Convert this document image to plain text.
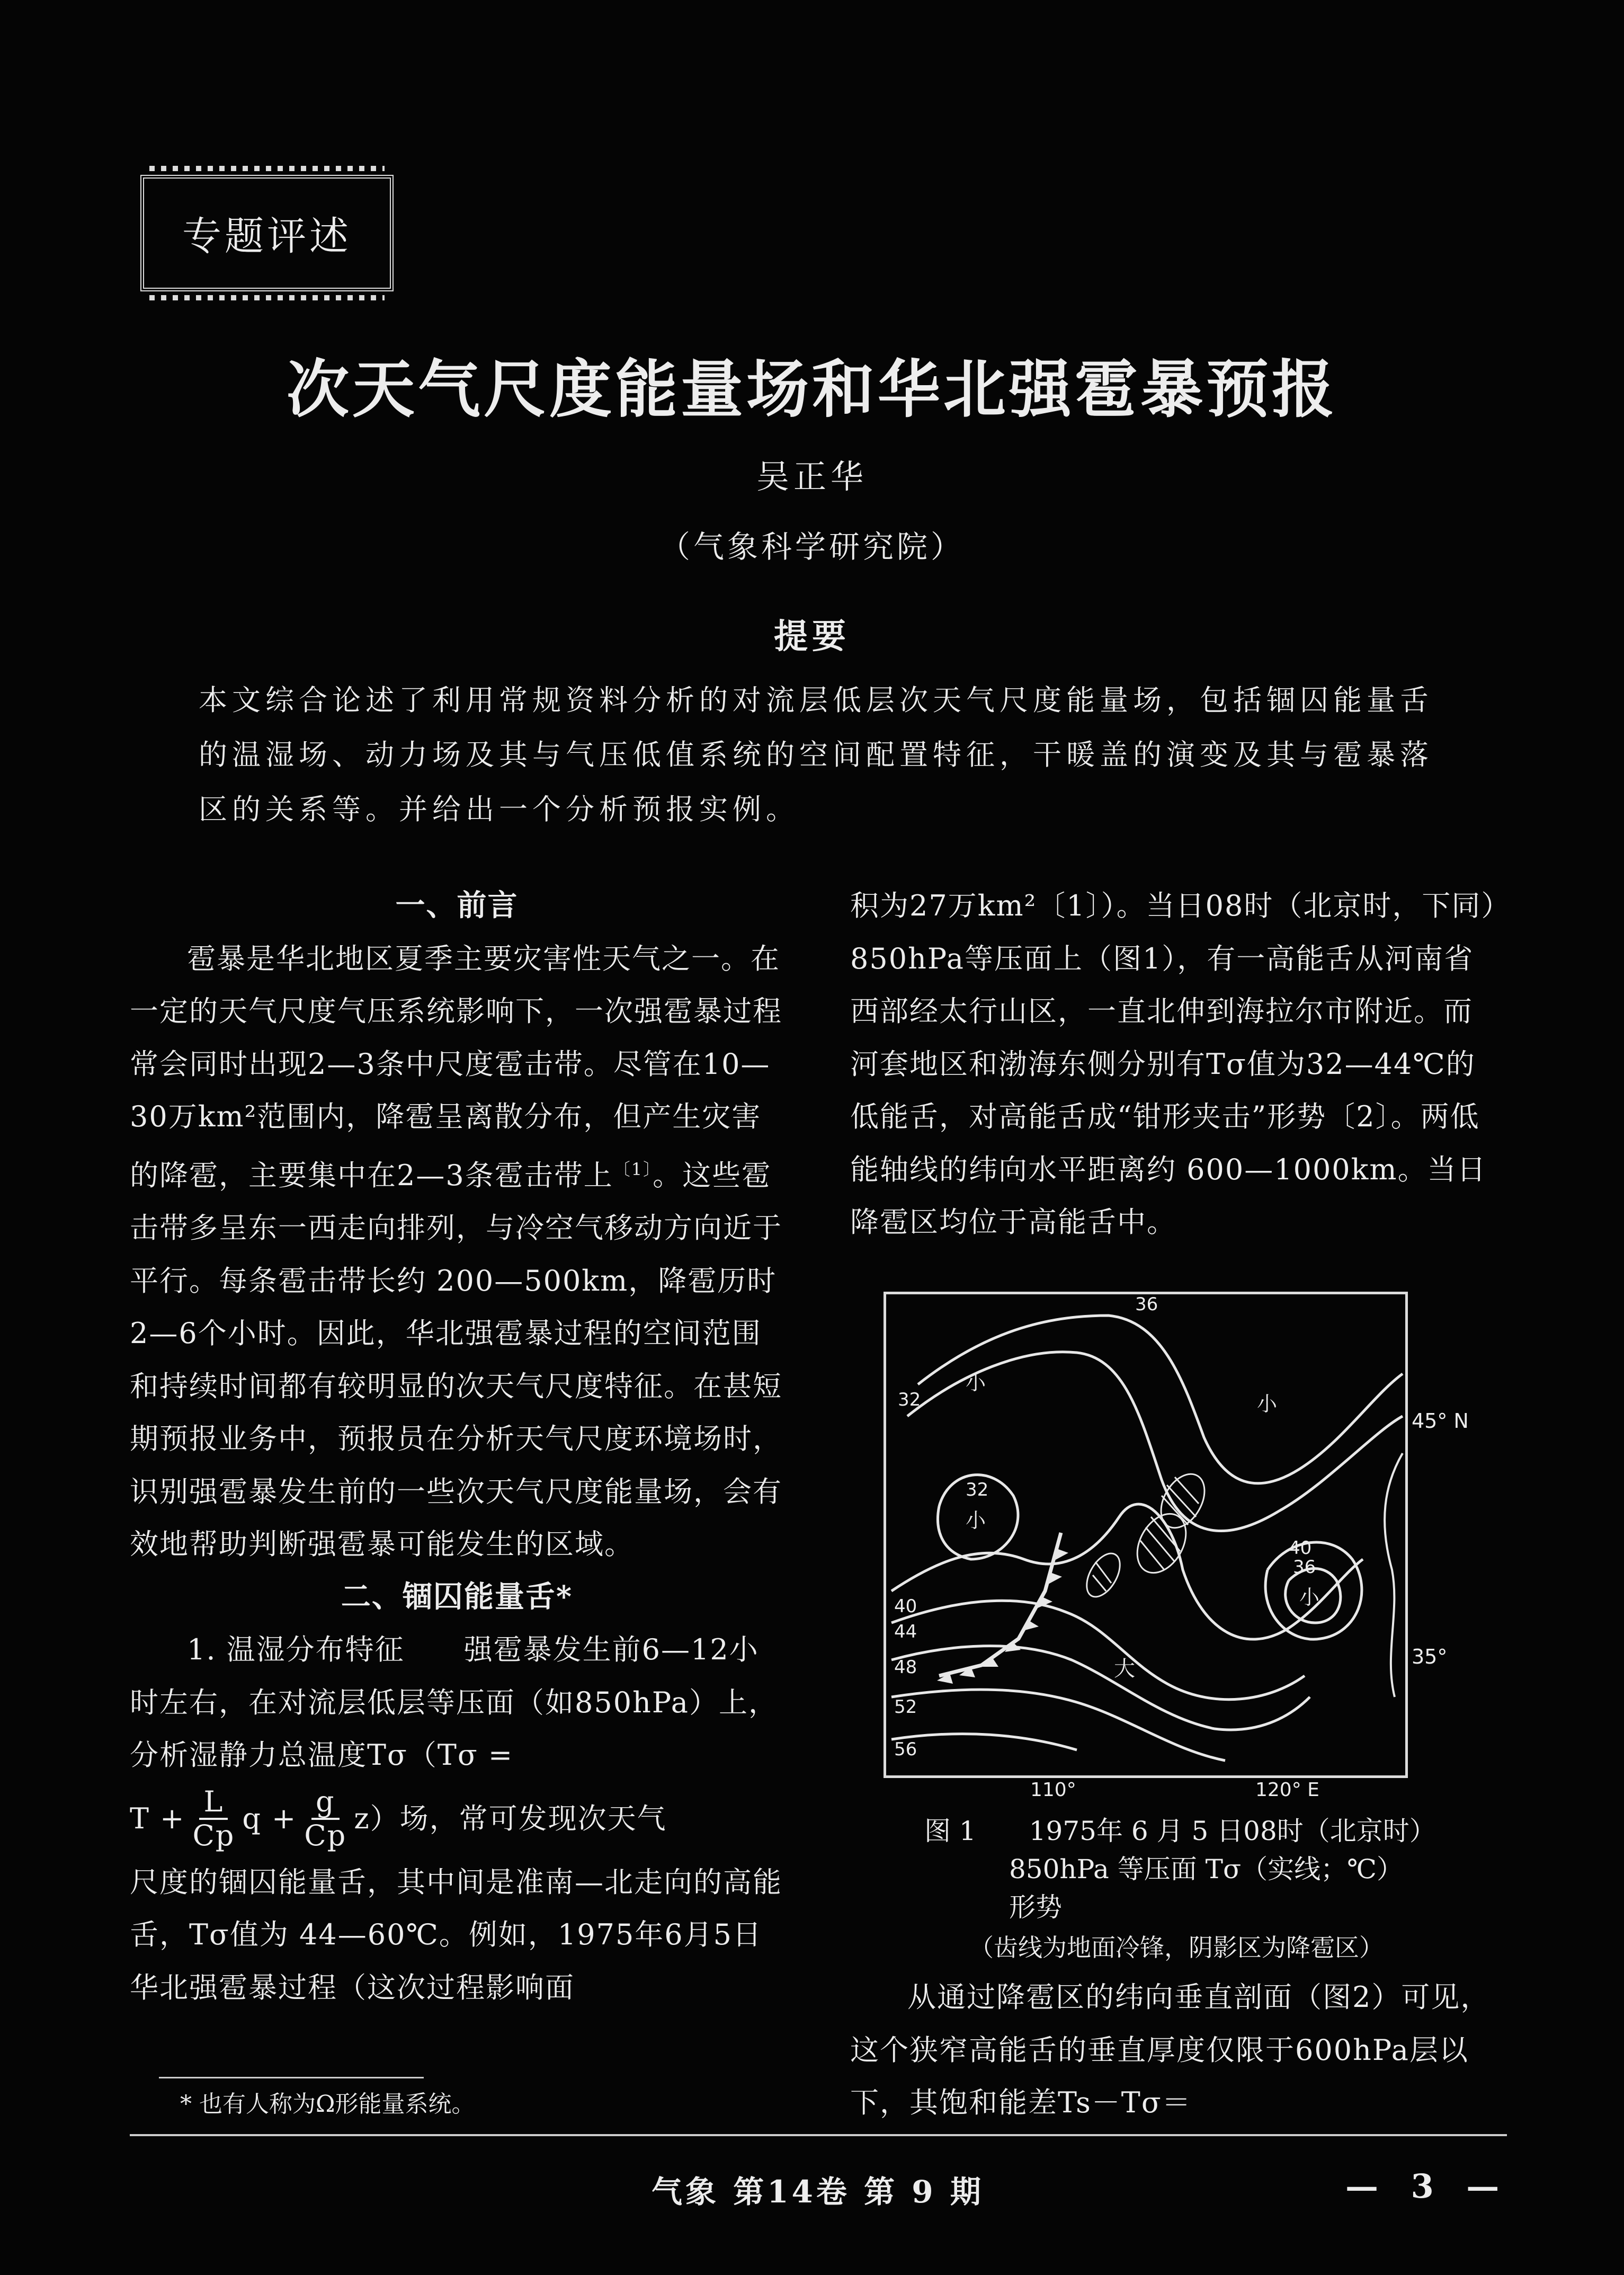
专题评述
次天气尺度能量场和华北强雹暴预报
吴正华
（气象科学研究院）
提要
本文综合论述了利用常规资料分析的对流层低层次天气尺度能量场，包括锢囚能量舌的温湿场、动力场及其与气压低值系统的空间配置特征，干暖盖的演变及其与雹暴落区的关系等。并给出一个分析预报实例。

一、前言

雹暴是华北地区夏季主要灾害性天气之一。在一定的天气尺度气压系统影响下，一次强雹暴过程常会同时出现2—3条中尺度雹击带。尽管在10—30万km²范围内，降雹呈离散分布，但产生灾害的降雹，主要集中在2—3条雹击带上$^{〔1〕}$。这些雹击带多呈东一西走向排列，与冷空气移动方向近于平行。每条雹击带长约 200—500km，降雹历时 2—6个小时。因此，华北强雹暴过程的空间范围和持续时间都有较明显的次天气尺度特征。在甚短期预报业务中，预报员在分析天气尺度环境场时，识别强雹暴发生前的一些次天气尺度能量场，会有效地帮助判断强雹暴可能发生的区域。

二、锢囚能量舌*

1. 温湿分布特征　　 强雹暴发生前6—12小时左右，在对流层低层等压面（如850hPa）上，分析湿静力总温度Tσ（Tσ =

$T + \frac{L}{Cp}$ $q + \frac{g}{Cp} z$）场，常可发现次天气

尺度的锢囚能量舌，其中间是准南—北走向的高能舌，Tσ值为 44—60℃。例如，1975年6月5日华北强雹暴过程（这次过程影响面

积为27万km²〔1〕）。当日08时（北京时，下同）850hPa等压面上（图1），有一高能舌从河南省西部经太行山区，一直北伸到海拉尔市附近。而河套地区和渤海东侧分别有Tσ值为32—44℃的低能舌，对高能舌成“钳形夹击”形势〔2〕。两低能轴线的纬向水平距离约 600—1000km。当日降雹区均位于高能舌中。

36
32
小
小
32
小
40
36
小
大
40
44
48
52
56
45° N
35°
110°	120° E
图 1　　 1975年 6 月 5 日08时（北京时）
850hPa 等压面 Tσ（实线；℃）
形势
（齿线为地面冷锋，阴影区为降雹区）

从通过降雹区的纬向垂直剖面（图2）可见，这个狭窄高能舌的垂直厚度仅限于600hPa层以下，其饱和能差Ts－Tσ＝

* 也有人称为Ω形能量系统。
气象 第14卷 第 9 期	— 3 —
